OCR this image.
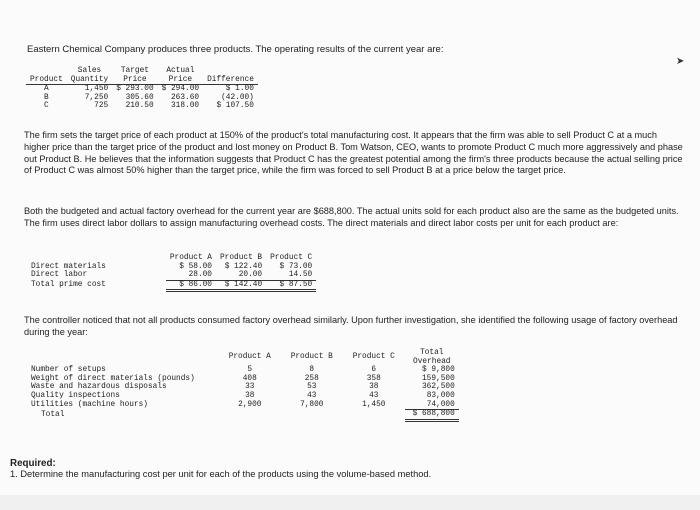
Eastern Chemical Company produces three products. The operating results of the current year are:
	Sales	Target	Actual	
Product	Quantity	Price	Price	Difference
A	1,450	$ 293.00	$ 294.00	$ 1.00
B	7,250	305.60	263.60	(42.00)
C	725	210.50	318.00	$ 107.50
The firm sets the target price of each product at 150% of the product's total manufacturing cost. It appears that the firm was able to sell Product C at a much higher price than the target price of the product and lost money on Product B. Tom Watson, CEO, wants to promote Product C much more aggressively and phase out Product B. He believes that the information suggests that Product C has the greatest potential among the firm's three products because the actual selling price of Product C was almost 50% higher than the target price, while the firm was forced to sell Product B at a price below the target price.
Both the budgeted and actual factory overhead for the current year are $688,800. The actual units sold for each product also are the same as the budgeted units. The firm uses direct labor dollars to assign manufacturing overhead costs. The direct materials and direct labor costs per unit for each product are:
	Product A	Product B	Product C
Direct materials	$ 58.00	$ 122.40	$ 73.00
Direct labor	28.00	20.00	14.50
Total prime cost	$ 86.00	$ 142.40	$ 87.50
The controller noticed that not all products consumed factory overhead similarly. Upon further investigation, she identified the following usage of factory overhead during the year:
	Product A	Product B	Product C	Total Overhead
Number of setups	5	8	6	$ 9,800
Weight of direct materials (pounds)	408	258	358	159,500
Waste and hazardous disposals	33	53	38	362,500
Quality inspections	38	43	43	83,000
Utilities (machine hours)	2,900	7,800	1,450	74,000
Total				$ 688,800
Required:
1. Determine the manufacturing cost per unit for each of the products using the volume-based method.
➤
